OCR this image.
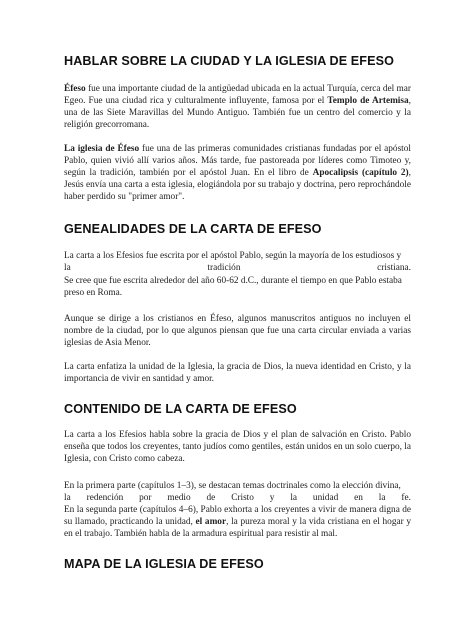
HABLAR SOBRE LA CIUDAD Y LA IGLESIA DE EFESO

Éfeso fue una importante ciudad de la antigüedad ubicada en la actual Turquía, cerca del mar Egeo. Fue una ciudad rica y culturalmente influyente, famosa por el Templo de Artemisa, una de las Siete Maravillas del Mundo Antiguo. También fue un centro del comercio y la religión grecorromana.

La iglesia de Éfeso fue una de las primeras comunidades cristianas fundadas por el apóstol Pablo, quien vivió allí varios años. Más tarde, fue pastoreada por líderes como Timoteo y, según la tradición, también por el apóstol Juan. En el libro de Apocalipsis (capítulo 2), Jesús envía una carta a esta iglesia, elogiándola por su trabajo y doctrina, pero reprochándole haber perdido su "primer amor".

GENEALIDADES DE LA CARTA DE EFESO

La carta a los Efesios fue escrita por el apóstol Pablo, según la mayoría de los estudiosos y

la	tradición	cristiana.

Se cree que fue escrita alrededor del año 60-62 d.C., durante el tiempo en que Pablo estaba preso en Roma.

Aunque se dirige a los cristianos en Éfeso, algunos manuscritos antiguos no incluyen el nombre de la ciudad, por lo que algunos piensan que fue una carta circular enviada a varias iglesias de Asia Menor.

La carta enfatiza la unidad de la Iglesia, la gracia de Dios, la nueva identidad en Cristo, y la importancia de vivir en santidad y amor.

CONTENIDO DE LA CARTA DE EFESO

La carta a los Efesios habla sobre la gracia de Dios y el plan de salvación en Cristo. Pablo enseña que todos los creyentes, tanto judíos como gentiles, están unidos en un solo cuerpo, la Iglesia, con Cristo como cabeza.

En la primera parte (capítulos 1–3), se destacan temas doctrinales como la elección divina,

la redención por medio de Cristo y la unidad en la fe.

En la segunda parte (capítulos 4–6), Pablo exhorta a los creyentes a vivir de manera digna de su llamado, practicando la unidad, el amor, la pureza moral y la vida cristiana en el hogar y en el trabajo. También habla de la armadura espiritual para resistir al mal.

MAPA DE LA IGLESIA DE EFESO
